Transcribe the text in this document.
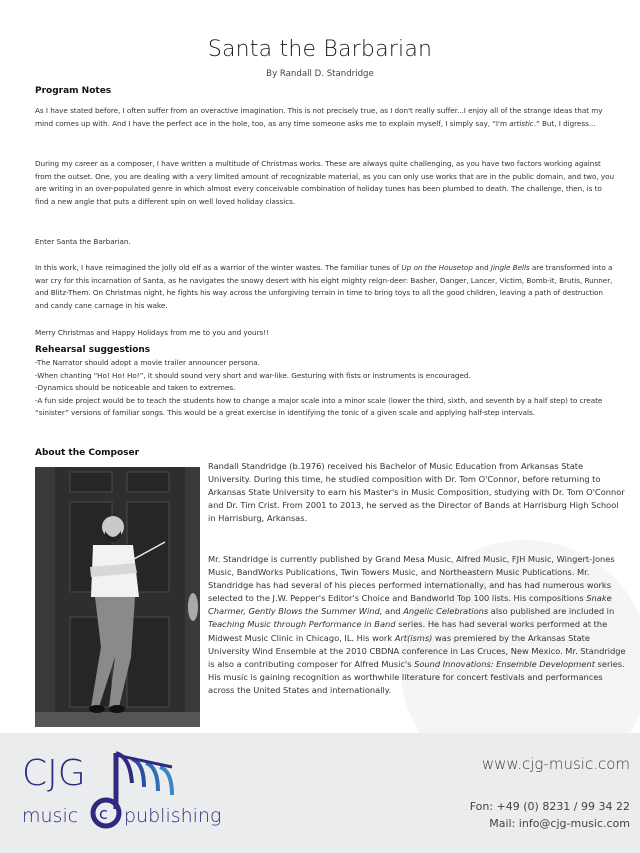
Santa the Barbarian
By Randall D. Standridge
Program Notes
As I have stated before, I often suffer from an overactive imagination. This is not precisely true, as I don't really suffer...I enjoy all of the strange ideas that my mind comes up with. And I have the perfect ace in the hole, too, as any time someone asks me to explain myself, I simply say, “I'm artistic.” But, I digress...
During my career as a composer, I have written a multitude of Christmas works. These are always quite challenging, as you have two factors working against from the outset. One, you are dealing with a very limited amount of recognizable material, as you can only use works that are in the public domain, and two, you are writing in an over-populated genre in which almost every conceivable combination of holiday tunes has been plumbed to death. The challenge, then, is to find a new angle that puts a different spin on well loved holiday classics.
Enter Santa the Barbarian.
In this work, I have reimagined the jolly old elf as a warrior of the winter wastes. The familiar tunes of Up on the Housetop and Jingle Bells are transformed into a war cry for this incarnation of Santa, as he navigates the snowy desert with his eight mighty reign-deer: Basher, Danger, Lancer, Victim, Bomb-it, Brutis, Runner, and Blitz-Them. On Christmas night, he fights his way across the unforgiving terrain in time to bring toys to all the good children, leaving a path of destruction and candy cane carnage in his wake.
Merry Christmas and Happy Holidays from me to you and yours!!
Rehearsal suggestions
-The Narrator should adopt a movie trailer announcer persona.
-When chanting “Ho! Ho! Ho!”, it should sound very short and war-like. Gesturing with fists or instruments is encouraged.
-Dynamics should be noticeable and taken to extremes.
-A fun side project would be to teach the students how to change a major scale into a minor scale (lower the third, sixth, and seventh by a half step) to create “sinister” versions of familiar songs. This would be a great exercise in identifying the tonic of a given scale and applying half-step intervals.
About the Composer
Randall Standridge (b.1976) received his Bachelor of Music Education from Arkansas State University. During this time, he studied composition with Dr. Tom O'Connor, before returning to Arkansas State University to earn his Master's in Music Composition, studying with Dr. Tom O'Connor and Dr. Tim Crist. From 2001 to 2013, he served as the Director of Bands at Harrisburg High School in Harrisburg, Arkansas.
Mr. Standridge is currently published by Grand Mesa Music, Alfred Music, FJH Music, Wingert-Jones Music, BandWorks Publications, Twin Towers Music, and Northeastern Music Publications. Mr. Standridge has had several of his pieces performed internationally, and has had numerous works selected to the J.W. Pepper's Editor's Choice and Bandworld Top 100 lists. His compositions Snake Charmer, Gently Blows the Summer Wind, and Angelic Celebrations also published are included in Teaching Music through Performance in Band series. He has had several works performed at the Midwest Music Clinic in Chicago, IL. His work Art(isms) was premiered by the Arkansas State University Wind Ensemble at the 2010 CBDNA conference in Las Cruces, New Mexico. Mr. Standridge is also a contributing composer for Alfred Music's Sound Innovations: Ensemble Development series. His music is gaining recognition as worthwhile literature for concert festivals and performances across the United States and internationally.
CJG
c
music publishing
www.cjg-music.com
Fon: +49 (0) 8231 / 99 34 22
Mail: info@cjg-music.com
